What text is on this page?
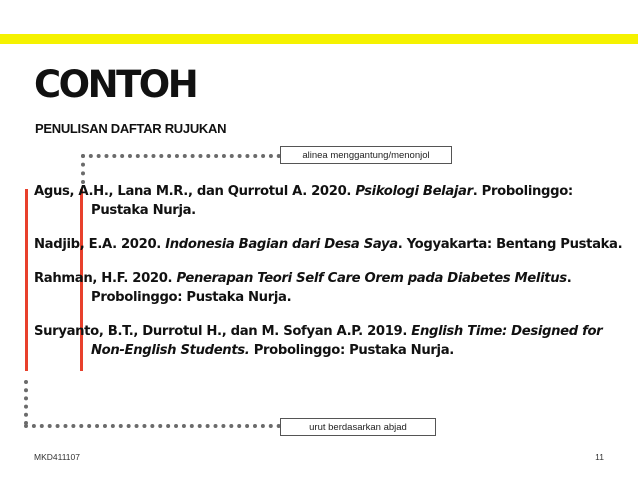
CONTOH
PENULISAN DAFTAR RUJUKAN
alinea menggantung/menonjol
Agus, A.H., Lana M.R., dan Qurrotul A. 2020. Psikologi Belajar. Probolinggo: Pustaka Nurja.
Nadjib, E.A. 2020. Indonesia Bagian dari Desa Saya. Yogyakarta: Bentang Pustaka.
Rahman, H.F. 2020. Penerapan Teori Self Care Orem pada Diabetes Melitus. Probolinggo: Pustaka Nurja.
Suryanto, B.T., Durrotul H., dan M. Sofyan A.P. 2019. English Time: Designed for Non-English Students. Probolinggo: Pustaka Nurja.
urut berdasarkan abjad
MKD411107	11
